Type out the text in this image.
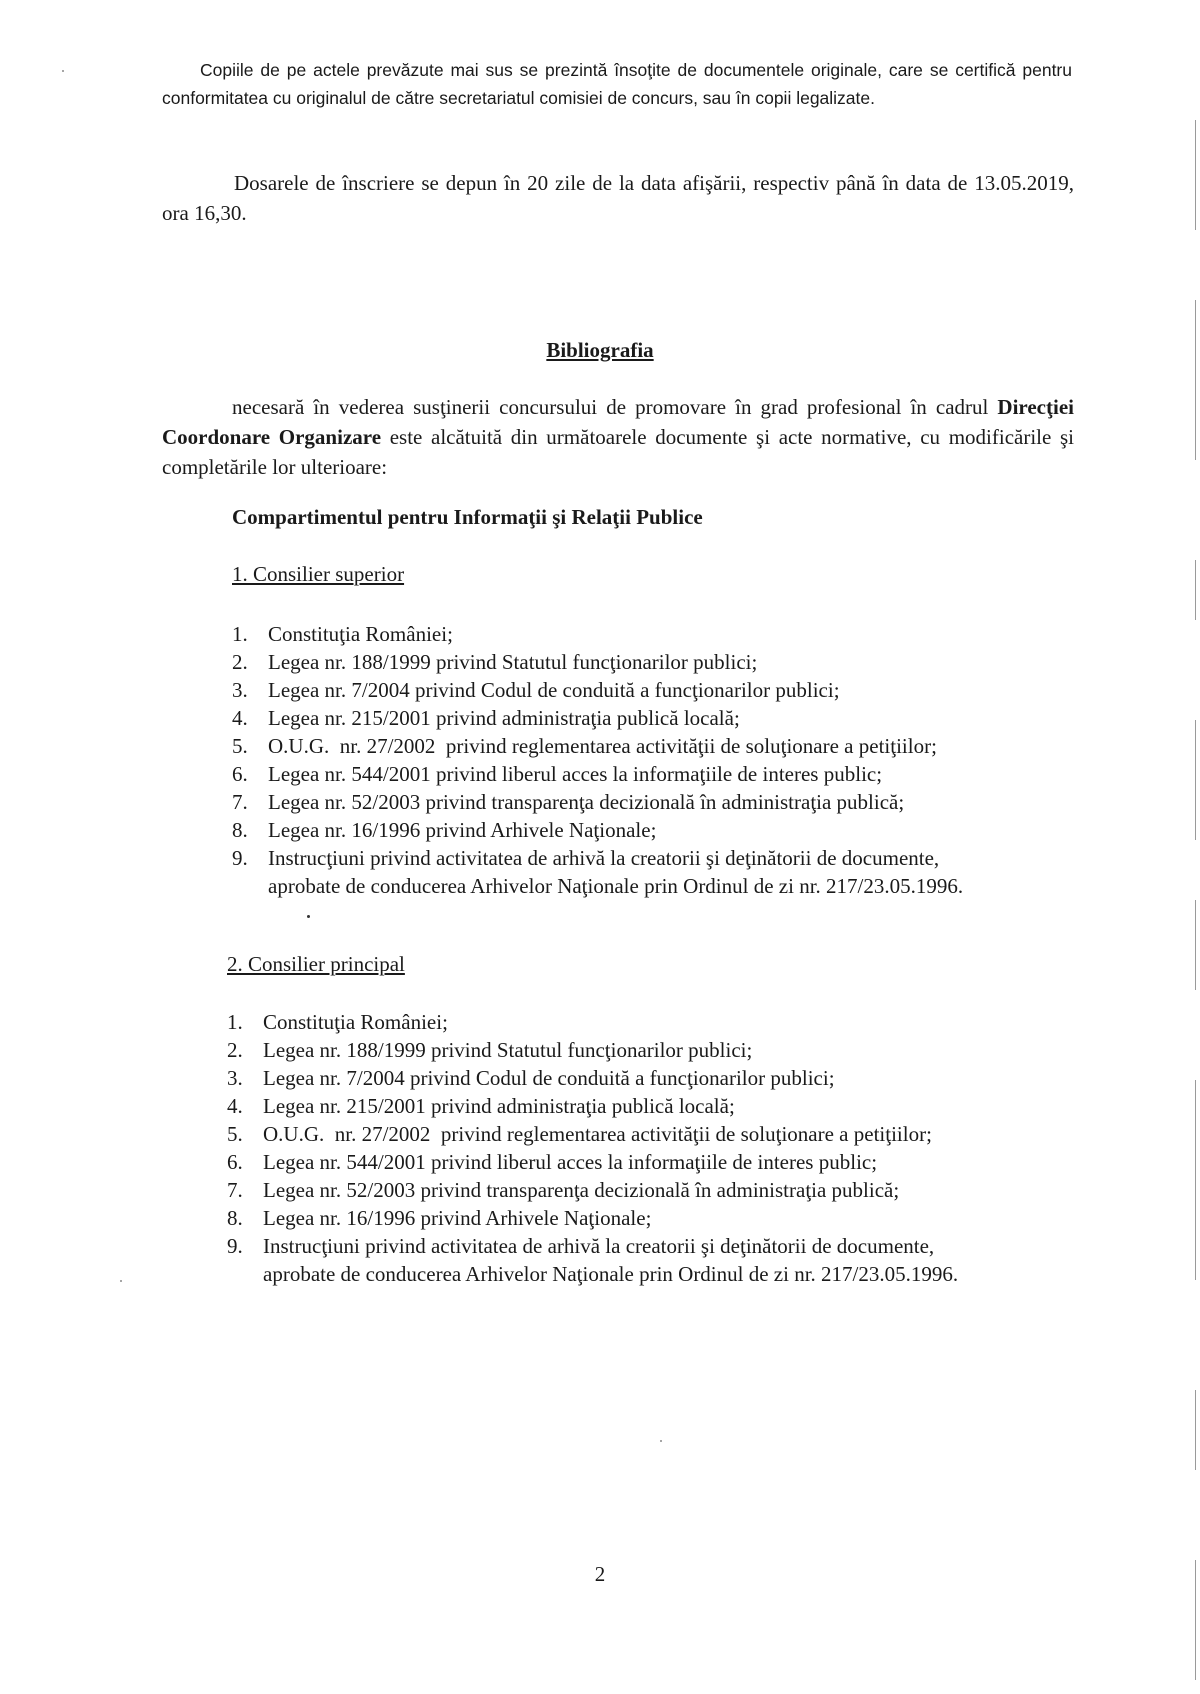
Copiile de pe actele prevăzute mai sus se prezintă însoţite de documentele originale, care se certifică pentru conformitatea cu originalul de către secretariatul comisiei de concurs, sau în copii legalizate.

Dosarele de înscriere se depun în 20 zile de la data afişării, respectiv până în data de 13.05.2019, ora 16,30.

Bibliografia

necesară în vederea susţinerii concursului de promovare în grad profesional în cadrul Direcţiei Coordonare Organizare este alcătuită din următoarele documente şi acte normative, cu modificările şi completările lor ulterioare:

Compartimentul pentru Informaţii şi Relaţii Publice

1. Consilier superior

1. Constituţia României;
2. Legea nr. 188/1999 privind Statutul funcţionarilor publici;
3. Legea nr. 7/2004 privind Codul de conduită a funcţionarilor publici;
4. Legea nr. 215/2001 privind administraţia publică locală;
5. O.U.G.  nr. 27/2002  privind reglementarea activităţii de soluţionare a petiţiilor;
6. Legea nr. 544/2001 privind liberul acces la informaţiile de interes public;
7. Legea nr. 52/2003 privind transparenţa decizională în administraţia publică;
8. Legea nr. 16/1996 privind Arhivele Naţionale;
9. Instrucţiuni privind activitatea de arhivă la creatorii şi deţinătorii de documente,
aprobate de conducerea Arhivelor Naţionale prin Ordinul de zi nr. 217/23.05.1996.

2. Consilier principal

1. Constituţia României;
2. Legea nr. 188/1999 privind Statutul funcţionarilor publici;
3. Legea nr. 7/2004 privind Codul de conduită a funcţionarilor publici;
4. Legea nr. 215/2001 privind administraţia publică locală;
5. O.U.G.  nr. 27/2002  privind reglementarea activităţii de soluţionare a petiţiilor;
6. Legea nr. 544/2001 privind liberul acces la informaţiile de interes public;
7. Legea nr. 52/2003 privind transparenţa decizională în administraţia publică;
8. Legea nr. 16/1996 privind Arhivele Naţionale;
9. Instrucţiuni privind activitatea de arhivă la creatorii şi deţinătorii de documente,
aprobate de conducerea Arhivelor Naţionale prin Ordinul de zi nr. 217/23.05.1996.

2
